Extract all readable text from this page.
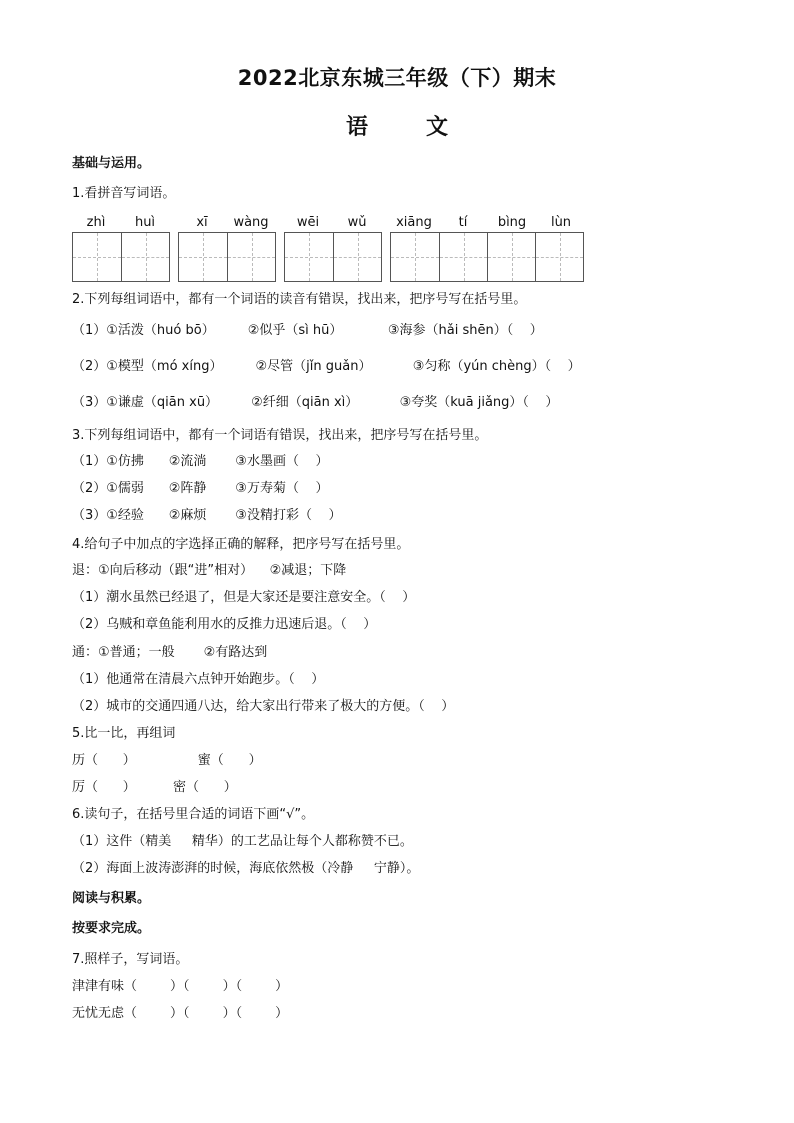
2022北京东城三年级（下）期末
语	文
基础与运用。
1.看拼音写词语。
zhì	huì	xī	wàng	wēi	wǔ	xiāng	tí	bìng	lùn
2.下列每组词语中，都有一个词语的读音有错误，找出来，把序号写在括号里。
（1）①活泼（huó bō）        ②似乎（sì hū）           ③海参（hǎi shēn）（    ）
（2）①模型（mó xíng）        ②尽管（jǐn guǎn）          ③匀称（yún chèng）（    ）
（3）①谦虚（qiān xū）        ②纤细（qiān xì）          ③夸奖（kuā jiǎng）（    ）
3.下列每组词语中，都有一个词语有错误，找出来，把序号写在括号里。
（1）①仿拂      ②流淌       ③水墨画（    ）
（2）①儒弱      ②阵静       ③万寿菊（    ）
（3）①经验      ②麻烦       ③没精打彩（    ）
4.给句子中加点的字选择正确的解释，把序号写在括号里。
退：①向后移动（跟“进”相对）    ②减退；下降
（1）潮水虽然已经退了，但是大家还是要注意安全。（    ）
（2）乌贼和章鱼能利用水的反推力迅速后退。（    ）
通：①普通；一般       ②有路达到
（1）他通常在清晨六点钟开始跑步。（    ）
（2）城市的交通四通八达，给大家出行带来了极大的方便。（    ）
5.比一比，再组词
历（      ）               蜜（      ）
厉（      ）         密（      ）
6.读句子，在括号里合适的词语下画“√”。
（1）这件（精美     精华）的工艺品让每个人都称赞不已。
（2）海面上波涛澎湃的时候，海底依然极（冷静     宁静）。
阅读与积累。
按要求完成。
7.照样子，写词语。
津津有味（        ）（        ）（        ）
无忧无虑（        ）（        ）（        ）
